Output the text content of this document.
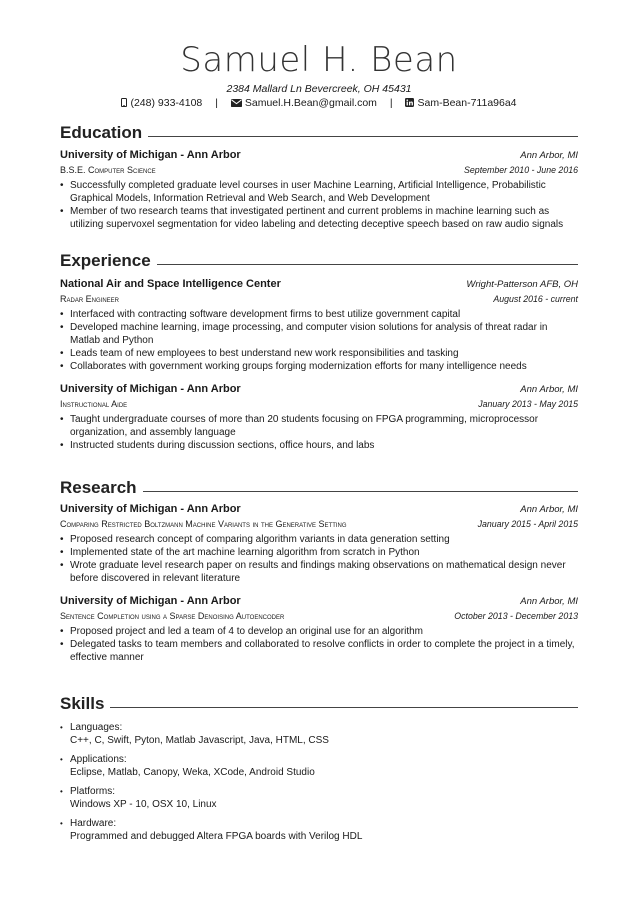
Samuel H. Bean
2384 Mallard Ln Bevercreek, OH 45431
(248) 933-4108 |	Samuel.H.Bean@gmail.com | Sam-Bean-711a96a4
Education
University of Michigan - Ann Arbor	Ann Arbor, MI
B.S.E. Computer Science	September 2010 - June 2016
• Successfully completed graduate level courses in user Machine Learning, Artificial Intelligence, Probabilistic Graphical Models, Information Retrieval and Web Search, and Web Development
• Member of two research teams that investigated pertinent and current problems in machine learning such as utilizing supervoxel segmentation for video labeling and detecting deceptive speech based on raw audio signals
Experience
National Air and Space Intelligence Center	Wright-Patterson AFB, OH
Radar Engineer	August 2016 - current
• Interfaced with contracting software development firms to best utilize government capital
• Developed machine learning, image processing, and computer vision solutions for analysis of threat radar in Matlab and Python
• Leads team of new employees to best understand new work responsibilities and tasking
• Collaborates with government working groups forging modernization efforts for many intelligence needs
University of Michigan - Ann Arbor	Ann Arbor, MI
Instructional Aide	January 2013 - May 2015
• Taught undergraduate courses of more than 20 students focusing on FPGA programming, microprocessor organization, and assembly language
• Instructed students during discussion sections, office hours, and labs
Research
University of Michigan - Ann Arbor	Ann Arbor, MI
Comparing Restricted Boltzmann Machine Variants in the Generative Setting	January 2015 - April 2015
• Proposed research concept of comparing algorithm variants in data generation setting
• Implemented state of the art machine learning algorithm from scratch in Python
• Wrote graduate level research paper on results and findings making observations on mathematical design never before discovered in relevant literature
University of Michigan - Ann Arbor	Ann Arbor, MI
Sentence Completion using a Sparse Denoising Autoencoder	October 2013 - December 2013
• Proposed project and led a team of 4 to develop an original use for an algorithm
• Delegated tasks to team members and collaborated to resolve conflicts in order to complete the project in a timely, effective manner
Skills
• Languages:
C++, C, Swift, Pyton, Matlab Javascript, Java, HTML, CSS
• Applications:
Eclipse, Matlab, Canopy, Weka, XCode, Android Studio
• Platforms:
Windows XP - 10, OSX 10, Linux
• Hardware:
Programmed and debugged Altera FPGA boards with Verilog HDL
